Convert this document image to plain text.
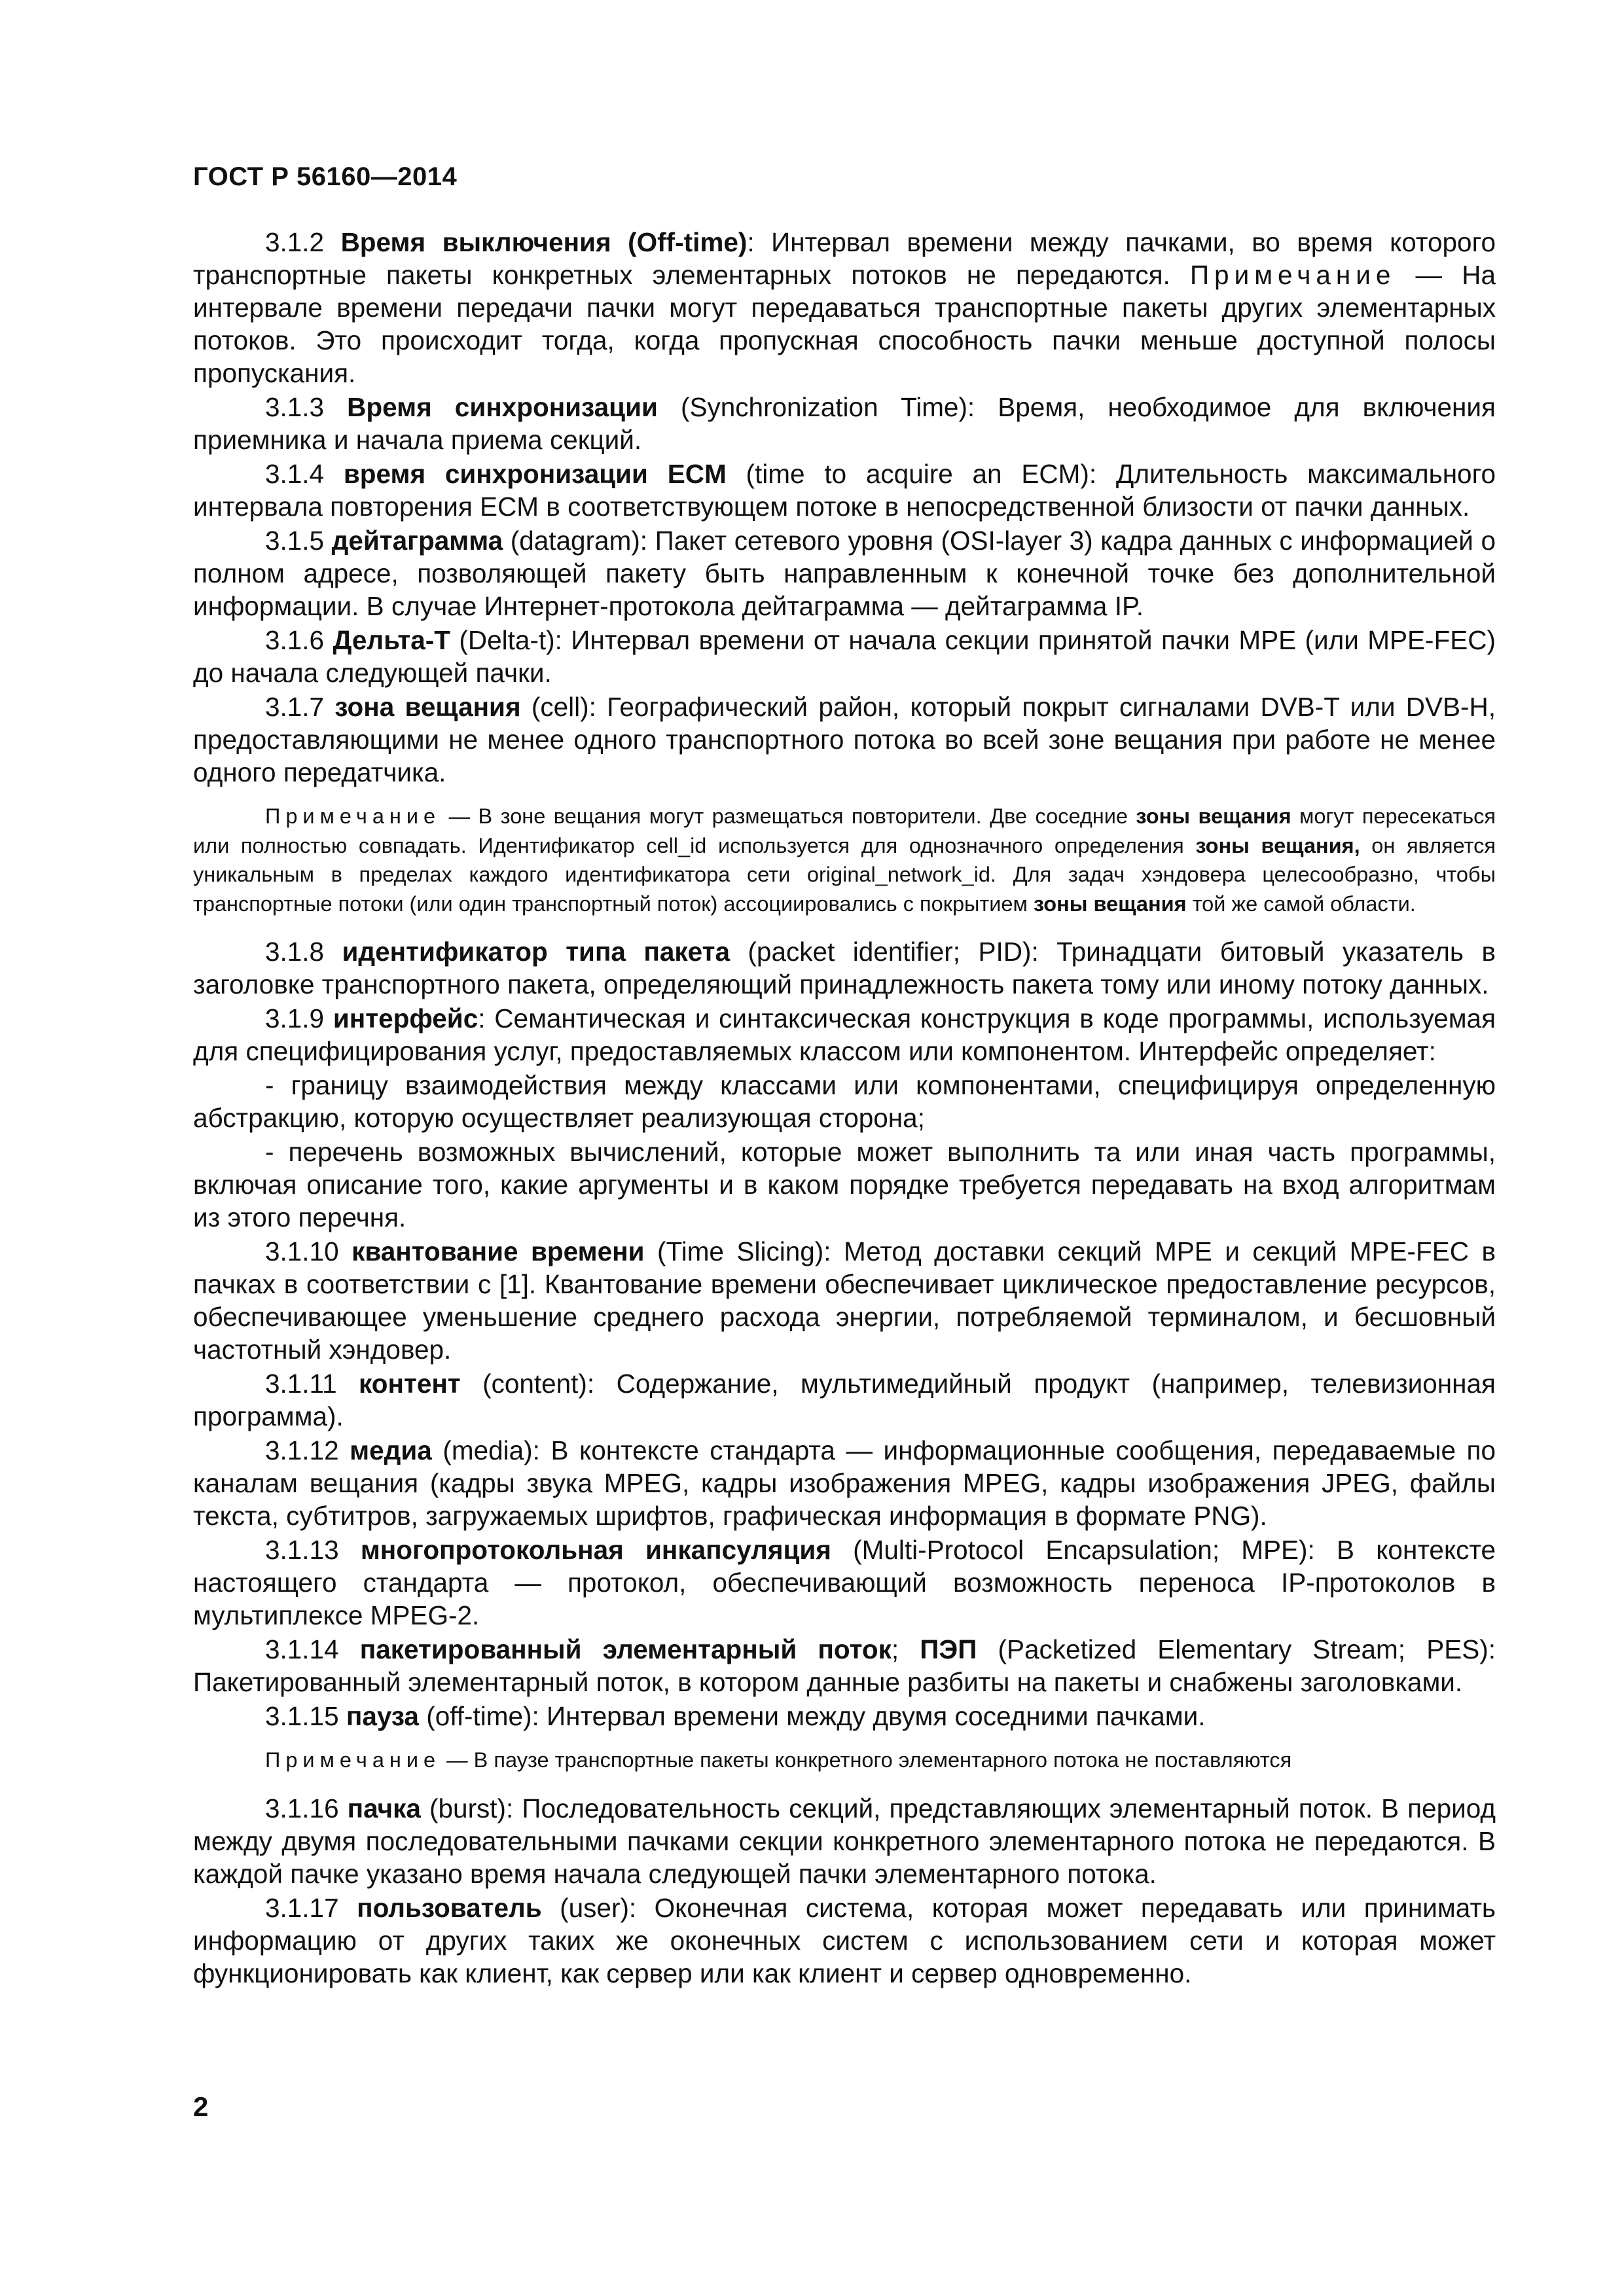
ГОСТ Р 56160—2014

3.1.2 Время выключения (Off-time): Интервал времени между пачками, во время которого транспортные пакеты конкретных элементарных потоков не передаются. Примечание — На интервале времени передачи пачки могут передаваться транспортные пакеты других элементарных потоков. Это происходит тогда, когда пропускная способность пачки меньше доступной полосы пропускания.

3.1.3 Время синхронизации (Synchronization Time): Время, необходимое для включения приемника и начала приема секций.

3.1.4 время синхронизации ECM (time to acquire an ECM): Длительность максимального интервала повторения ECM в соответствующем потоке в непосредственной близости от пачки данных.

3.1.5 дейтаграмма (datagram): Пакет сетевого уровня (OSI-layer 3) кадра данных с информацией о полном адресе, позволяющей пакету быть направленным к конечной точке без дополнительной информации. В случае Интернет-протокола дейтаграмма — дейтаграмма IP.

3.1.6 Дельта-T (Delta-t): Интервал времени от начала секции принятой пачки MPE (или MPE-FEC) до начала следующей пачки.

3.1.7 зона вещания (cell): Географический район, который покрыт сигналами DVB-T или DVB-H, предоставляющими не менее одного транспортного потока во всей зоне вещания при работе не менее одного передатчика.

Примечание — В зоне вещания могут размещаться повторители. Две соседние зоны вещания могут пересекаться или полностью совпадать. Идентификатор cell_id используется для однозначного определения зоны вещания, он является уникальным в пределах каждого идентификатора сети original_network_id. Для задач хэндовера целесообразно, чтобы транспортные потоки (или один транспортный поток) ассоциировались с покрытием зоны вещания той же самой области.

3.1.8 идентификатор типа пакета (packet identifier; PID): Тринадцати битовый указатель в заголовке транспортного пакета, определяющий принадлежность пакета тому или иному потоку данных.

3.1.9 интерфейс: Семантическая и синтаксическая конструкция в коде программы, используемая для специфицирования услуг, предоставляемых классом или компонентом. Интерфейс определяет:

- границу взаимодействия между классами или компонентами, специфицируя определенную абстракцию, которую осуществляет реализующая сторона;

- перечень возможных вычислений, которые может выполнить та или иная часть программы, включая описание того, какие аргументы и в каком порядке требуется передавать на вход алгоритмам из этого перечня.

3.1.10 квантование времени (Time Slicing): Метод доставки секций MPE и секций MPE-FEC в пачках в соответствии с [1]. Квантование времени обеспечивает циклическое предоставление ресурсов, обеспечивающее уменьшение среднего расхода энергии, потребляемой терминалом, и бесшовный частотный хэндовер.

3.1.11 контент (content): Содержание, мультимедийный продукт (например, телевизионная программа).

3.1.12 медиа (media): В контексте стандарта — информационные сообщения, передаваемые по каналам вещания (кадры звука MPEG, кадры изображения MPEG, кадры изображения JPEG, файлы текста, субтитров, загружаемых шрифтов, графическая информация в формате PNG).

3.1.13 многопротокольная инкапсуляция (Multi-Protocol Encapsulation; MPE): В контексте настоящего стандарта — протокол, обеспечивающий возможность переноса IP-протоколов в мультиплексе MPEG-2.

3.1.14 пакетированный элементарный поток; ПЭП (Packetized Elementary Stream; PES): Пакетированный элементарный поток, в котором данные разбиты на пакеты и снабжены заголовками.

3.1.15 пауза (off-time): Интервал времени между двумя соседними пачками.

Примечание — В паузе транспортные пакеты конкретного элементарного потока не поставляются

3.1.16 пачка (burst): Последовательность секций, представляющих элементарный поток. В период между двумя последовательными пачками секции конкретного элементарного потока не передаются. В каждой пачке указано время начала следующей пачки элементарного потока.

3.1.17 пользователь (user): Оконечная система, которая может передавать или принимать информацию от других таких же оконечных систем с использованием сети и которая может функционировать как клиент, как сервер или как клиент и сервер одновременно.

2
